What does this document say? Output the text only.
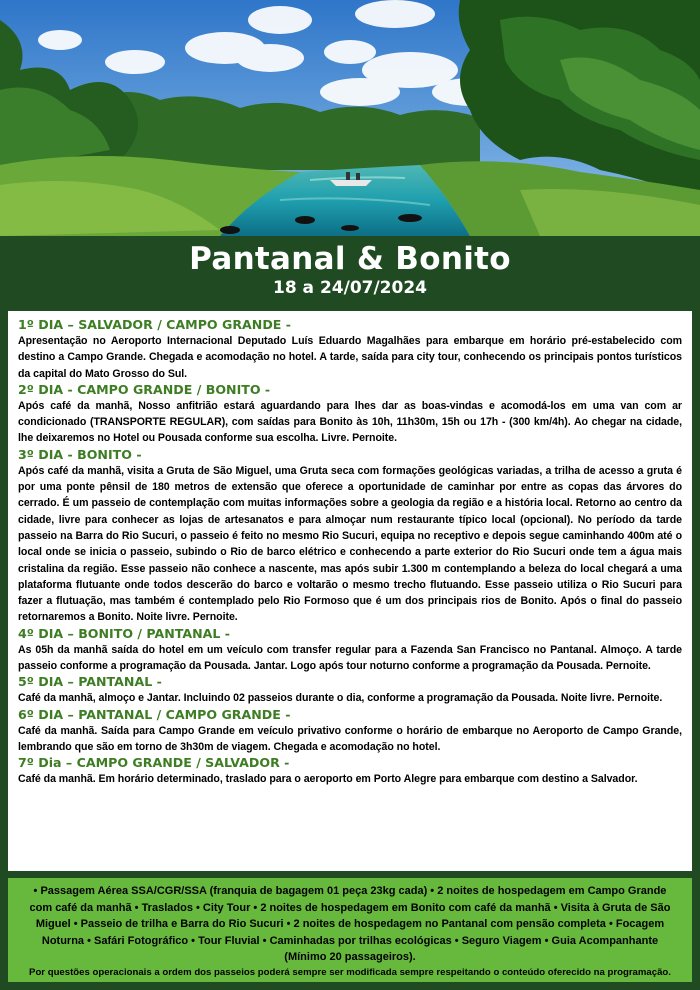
Pantanal & Bonito

18 a 24/07/2024

1º DIA – SALVADOR / CAMPO GRANDE -

Apresentação no Aeroporto Internacional Deputado Luís Eduardo Magalhães para embarque em horário pré-estabelecido com destino a Campo Grande. Chegada e acomodação no hotel. A tarde, saída para city tour, conhecendo os principais pontos turísticos da capital do Mato Grosso do Sul.

2º DIA - CAMPO GRANDE / BONITO -

Após café da manhã, Nosso anfitrião estará aguardando para lhes dar as boas-vindas e acomodá-los em uma van com ar condicionado (TRANSPORTE REGULAR), com saídas para Bonito às 10h, 11h30m, 15h ou 17h - (300 km/4h). Ao chegar na cidade, lhe deixaremos no Hotel ou Pousada conforme sua escolha. Livre. Pernoite.

3º DIA - BONITO -

Após café da manhã, visita a Gruta de São Miguel, uma Gruta seca com formações geológicas variadas, a trilha de acesso a gruta é por uma ponte pênsil de 180 metros de extensão que oferece a oportunidade de caminhar por entre as copas das árvores do cerrado. É um passeio de contemplação com muitas informações sobre a geologia da região e a história local. Retorno ao centro da cidade, livre para conhecer as lojas de artesanatos e para almoçar num restaurante típico local (opcional). No período da tarde passeio na Barra do Rio Sucuri, o passeio é feito no mesmo Rio Sucuri, equipa no receptivo e depois segue caminhando 400m até o local onde se inicia o passeio, subindo o Rio de barco elétrico e conhecendo a parte exterior do Rio Sucuri onde tem a água mais cristalina da região. Esse passeio não conhece a nascente, mas após subir 1.300 m contemplando a beleza do local chegará a uma plataforma flutuante onde todos descerão do barco e voltarão o mesmo trecho flutuando. Esse passeio utiliza o Rio Sucuri para fazer a flutuação, mas também é contemplado pelo Rio Formoso que é um dos principais rios de Bonito. Após o final do passeio retornaremos a Bonito. Noite livre. Pernoite.

4º DIA – BONITO / PANTANAL -

As 05h da manhã saída do hotel em um veículo com transfer regular para a Fazenda San Francisco no Pantanal. Almoço. A tarde passeio conforme a programação da Pousada. Jantar. Logo após tour noturno conforme a programação da Pousada. Pernoite.

5º DIA – PANTANAL -

Café da manhã, almoço e Jantar. Incluindo 02 passeios durante o dia, conforme a programação da Pousada. Noite livre. Pernoite.

6º DIA – PANTANAL / CAMPO GRANDE -

Café da manhã. Saída para Campo Grande em veículo privativo conforme o horário de embarque no Aeroporto de Campo Grande, lembrando que são em torno de 3h30m de viagem. Chegada e acomodação no hotel.

7º Dia – CAMPO GRANDE / SALVADOR -

Café da manhã. Em horário determinado, traslado para o aeroporto em Porto Alegre para embarque com destino a Salvador.

• Passagem Aérea SSA/CGR/SSA (franquia de bagagem 01 peça 23kg cada) • 2 noites de hospedagem em Campo Grande com café da manhã • Traslados • City Tour • 2 noites de hospedagem em Bonito com café da manhã • Visita à Gruta de São Miguel • Passeio de trilha e Barra do Rio Sucuri • 2 noites de hospedagem no Pantanal com pensão completa • Focagem Noturna • Safári Fotográfico • Tour Fluvial • Caminhadas por trilhas ecológicas • Seguro Viagem • Guia Acompanhante (Mínimo 20 passageiros).

Por questões operacionais a ordem dos passeios poderá sempre ser modificada sempre respeitando o conteúdo oferecido na programação.
